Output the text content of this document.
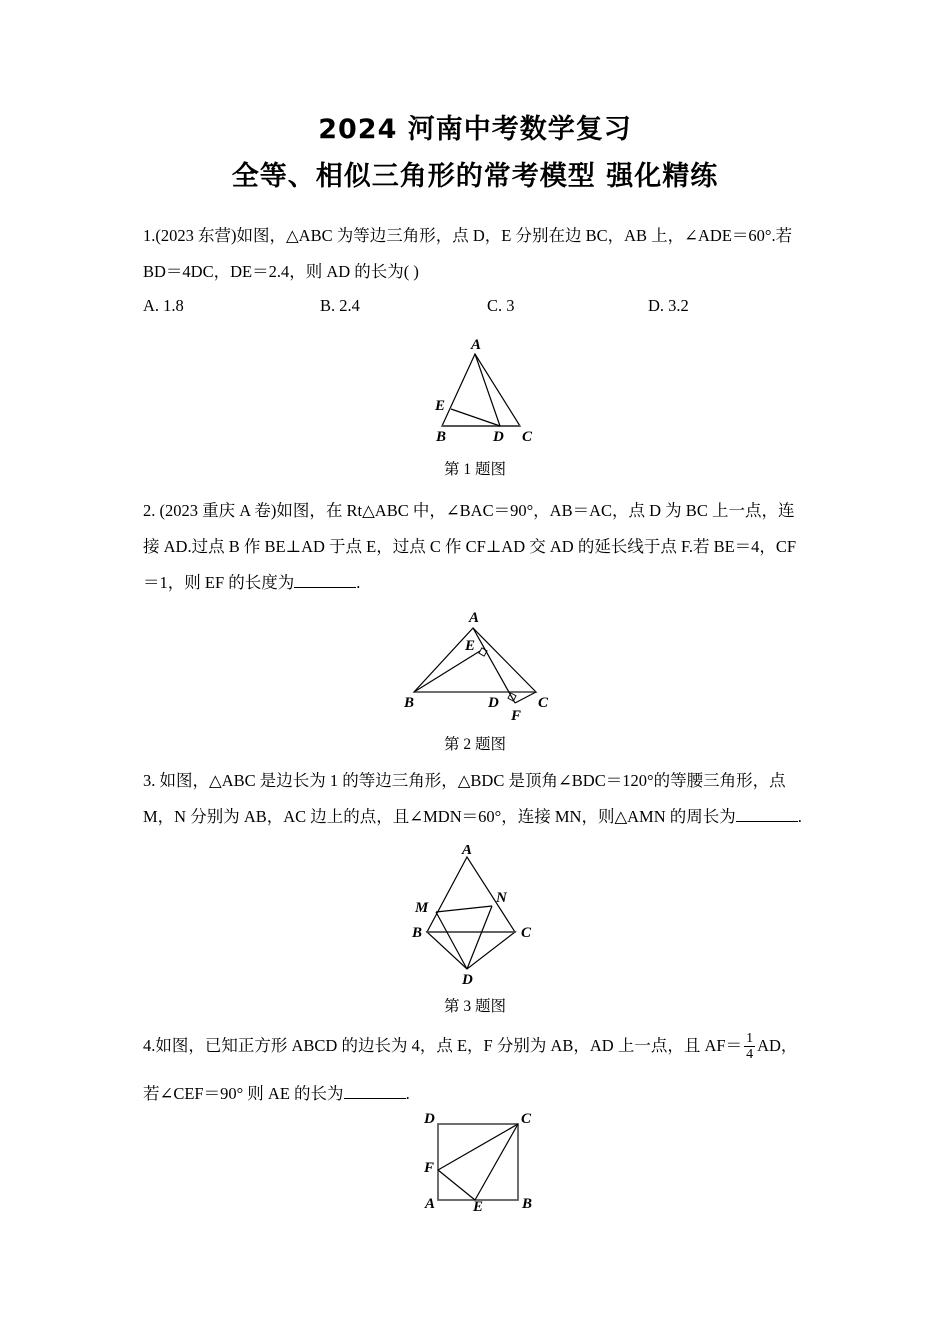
2024 河南中考数学复习
全等、相似三角形的常考模型 强化精练
1.(2023 东营)如图，△ABC 为等边三角形，点 D，E 分别在边 BC，AB 上，∠ADE＝60°.若
BD＝4DC，DE＝2.4，则 AD 的长为( )
A. 1.8	B. 2.4	C. 3	D. 3.2
A
B	C
D
E
第 1 题图
2. (2023 重庆 A 卷)如图，在 Rt△ABC 中，∠BAC＝90°，AB＝AC，点 D 为 BC 上一点，连
接 AD.过点 B 作 BE⊥AD 于点 E，过点 C 作 CF⊥AD 交 AD 的延长线于点 F.若 BE＝4，CF
＝1，则 EF 的长度为	.
A
B	C
D
E
F
第 2 题图
3. 如图，△ABC 是边长为 1 的等边三角形，△BDC 是顶角∠BDC＝120°的等腰三角形，点
M，N 分别为 AB，AC 边上的点，且∠MDN＝60°，连接 MN，则△AMN 的周长为	.
A
B	C
D
M
N
第 3 题图
4.如图，已知正方形 ABCD 的边长为 4，点 E，F 分别为 AB，AD 上一点，且 $AF= \frac{1}{4}$ AD，
若∠CEF＝90° 则 AE 的长为	.
D	C
F
A	E	B
